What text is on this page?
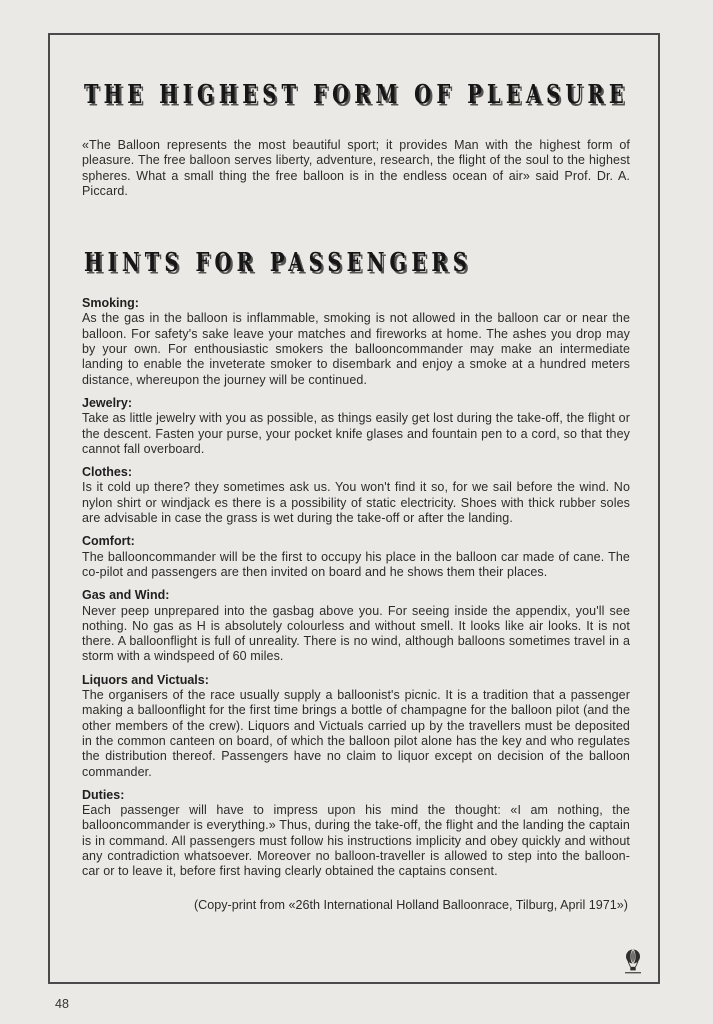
THE HIGHEST FORM OF PLEASURE

«The Balloon represents the most beautiful sport; it provides Man with the highest form of pleasure. The free balloon serves liberty, adventure, research, the flight of the soul to the highest spheres. What a small thing the free balloon is in the endless ocean of air» said Prof. Dr. A. Piccard.

HINTS FOR PASSENGERS
Smoking:

As the gas in the balloon is inflammable, smoking is not allowed in the balloon car or near the balloon. For safety's sake leave your matches and fireworks at home. The ashes you drop may by your own. For enthousiastic smokers the ballooncommander may make an intermediate landing to enable the inveterate smoker to disembark and enjoy a smoke at a hundred meters distance, whereupon the journey will be continued.

Jewelry:

Take as little jewelry with you as possible, as things easily get lost during the take-off, the flight or the descent. Fasten your purse, your pocket knife glases and fountain pen to a cord, so that they cannot fall overboard.

Clothes:

Is it cold up there? they sometimes ask us. You won't find it so, for we sail before the wind. No nylon shirt or windjack es there is a possibility of static electricity. Shoes with thick rubber soles are advisable in case the grass is wet during the take-off or after the landing.

Comfort:

The ballooncommander will be the first to occupy his place in the balloon car made of cane. The co-pilot and passengers are then invited on board and he shows them their places.

Gas and Wind:

Never peep unprepared into the gasbag above you. For seeing inside the appendix, you'll see nothing. No gas as H is absolutely colourless and without smell. It looks like air looks. It is not there. A balloonflight is full of unreality. There is no wind, although balloons sometimes travel in a storm with a windspeed of 60 miles.

Liquors and Victuals:

The organisers of the race usually supply a balloonist's picnic. It is a tradition that a passenger making a balloonflight for the first time brings a bottle of champagne for the balloon pilot (and the other members of the crew). Liquors and Victuals carried up by the travellers must be deposited in the common canteen on board, of which the balloon pilot alone has the key and who regulates the distribution thereof. Passengers have no claim to liquor except on decision of the balloon commander.

Duties:

Each passenger will have to impress upon his mind the thought: «I am nothing, the ballooncommander is everything.» Thus, during the take-off, the flight and the landing the captain is in command. All passengers must follow his instructions implicity and obey quickly and without any contradiction whatsoever. Moreover no balloon-traveller is allowed to step into the balloon-car or to leave it, before first having clearly obtained the captains consent.

(Copy-print from «26th International Holland Balloonrace, Tilburg, April 1971»)
48
